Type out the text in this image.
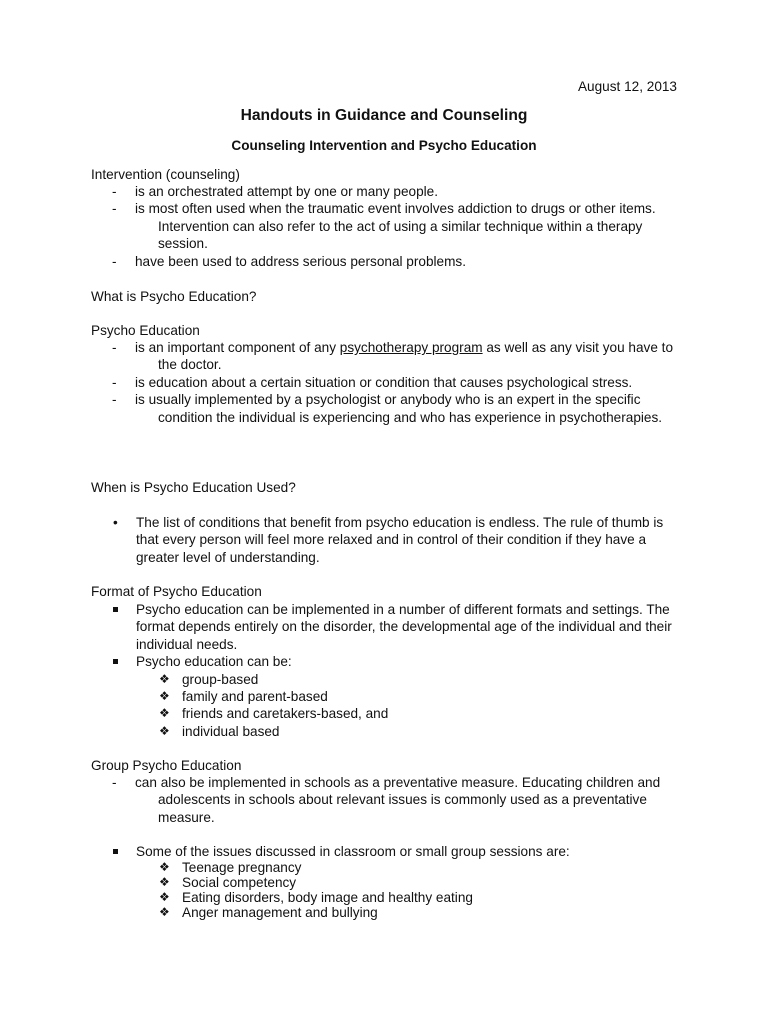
August 12, 2013

Handouts in Guidance and Counseling
Counseling Intervention and Psycho Education

Intervention (counseling)

- is an orchestrated attempt by one or many people.
- is most often used when the traumatic event involves addiction to drugs or other items. Intervention can also refer to the act of using a similar technique within a therapy session.
- have been used to address serious personal problems.

What is Psycho Education?

Psycho Education

- is an important component of any psychotherapy program as well as any visit you have to the doctor.
- is education about a certain situation or condition that causes psychological stress.
- is usually implemented by a psychologist or anybody who is an expert in the specific condition the individual is experiencing and who has experience in psychotherapies.

When is Psycho Education Used?

• The list of conditions that benefit from psycho education is endless. The rule of thumb is that every person will feel more relaxed and in control of their condition if they have a greater level of understanding.

Format of Psycho Education

Psycho education can be implemented in a number of different formats and settings. The format depends entirely on the disorder, the developmental age of the individual and their individual needs.
Psycho education can be:
❖ group-based
❖ family and parent-based
❖ friends and caretakers-based, and
❖ individual based

Group Psycho Education

- can also be implemented in schools as a preventative measure. Educating children and adolescents in schools about relevant issues is commonly used as a preventative measure.
Some of the issues discussed in classroom or small group sessions are:
❖ Teenage pregnancy
❖ Social competency
❖ Eating disorders, body image and healthy eating
❖ Anger management and bullying
